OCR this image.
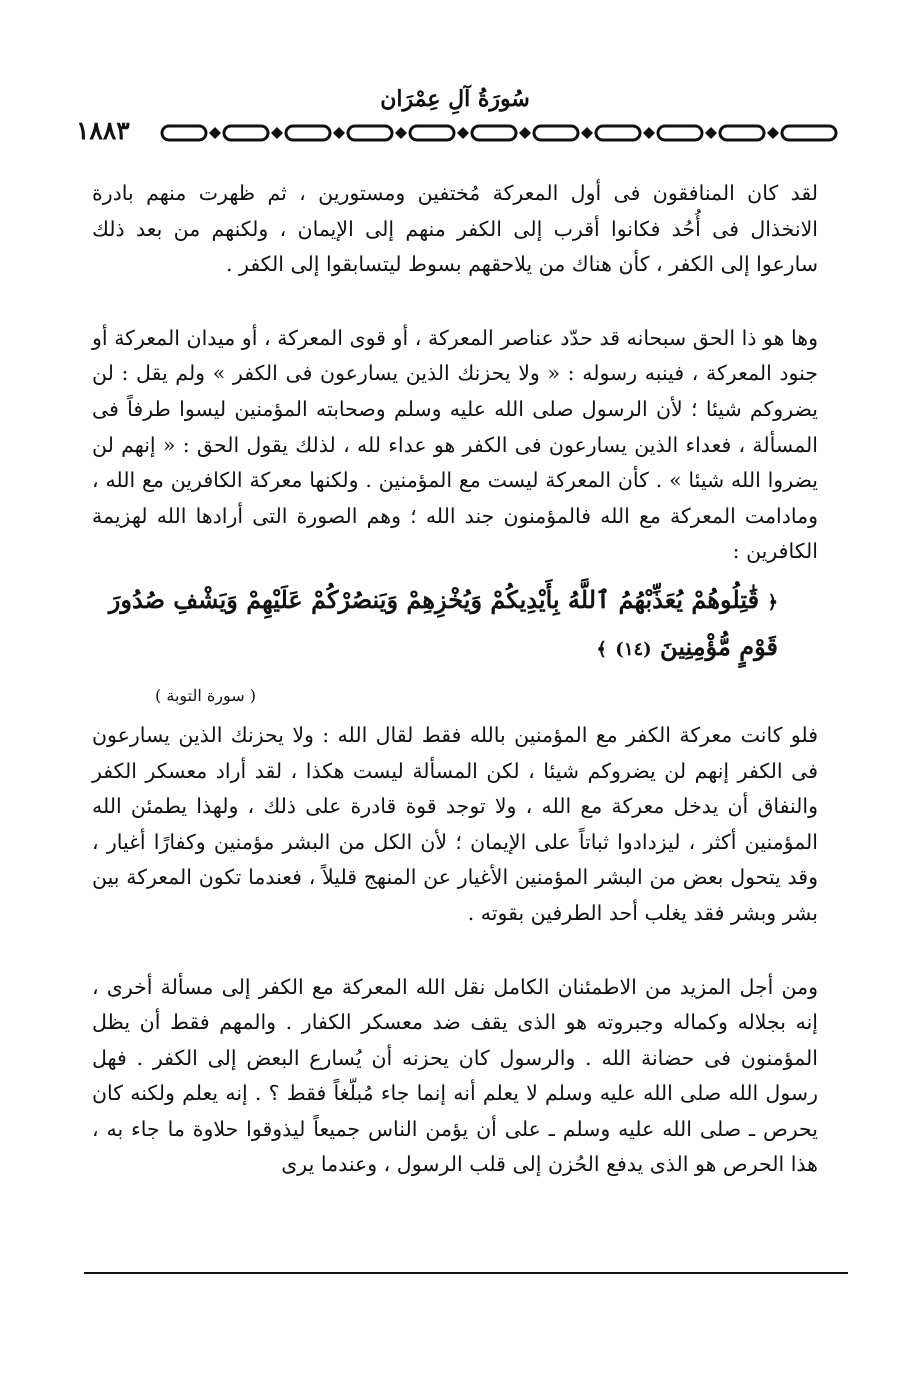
سُورَةُ آلِ عِمْرَان
١٨٨٣

لقد كان المنافقون فى أول المعركة مُختفين ومستورين ، ثم ظهرت منهم بادرة الانخذال فى أُحُد فكانوا أقرب إلى الكفر منهم إلى الإيمان ، ولكنهم من بعد ذلك سارعوا إلى الكفر ، كأن هناك من يلاحقهم بسوط ليتسابقوا إلى الكفر .

وها هو ذا الحق سبحانه قد حدّد عناصر المعركة ، أو قوى المعركة ، أو ميدان المعركة أو جنود المعركة ، فينبه رسوله : « ولا يحزنك الذين يسارعون فى الكفر » ولم يقل : لن يضروكم شيئا ؛ لأن الرسول صلى الله عليه وسلم وصحابته المؤمنين ليسوا طرفاً فى المسألة ، فعداء الذين يسارعون فى الكفر هو عداء لله ، لذلك يقول الحق : « إنهم لن يضروا الله شيئا » . كأن المعركة ليست مع المؤمنين . ولكنها معركة الكافرين مع الله ، ومادامت المعركة مع الله فالمؤمنون جند الله ؛ وهم الصورة التى أرادها الله لهزيمة الكافرين :

﴿ قَٰتِلُوهُمْ يُعَذِّبْهُمُ ٱللَّهُ بِأَيْدِيكُمْ وَيُخْزِهِمْ وَيَنصُرْكُمْ عَلَيْهِمْ وَيَشْفِ صُدُورَ قَوْمٍ مُّؤْمِنِينَ (١٤) ﴾

( سورة التوبة )

فلو كانت معركة الكفر مع المؤمنين بالله فقط لقال الله : ولا يحزنك الذين يسارعون فى الكفر إنهم لن يضروكم شيئا ، لكن المسألة ليست هكذا ، لقد أراد معسكر الكفر والنفاق أن يدخل معركة مع الله ، ولا توجد قوة قادرة على ذلك ، ولهذا يطمئن الله المؤمنين أكثر ، ليزدادوا ثباتاً على الإيمان ؛ لأن الكل من البشر مؤمنين وكفارًا أغيار ، وقد يتحول بعض من البشر المؤمنين الأغيار عن المنهج قليلاً ، فعندما تكون المعركة بين بشر وبشر فقد يغلب أحد الطرفين بقوته .

ومن أجل المزيد من الاطمئنان الكامل نقل الله المعركة مع الكفر إلى مسألة أخرى ، إنه بجلاله وكماله وجبروته هو الذى يقف ضد معسكر الكفار . والمهم فقط أن يظل المؤمنون فى حضانة الله . والرسول كان يحزنه أن يُسارع البعض إلى الكفر . فهل رسول الله صلى الله عليه وسلم لا يعلم أنه إنما جاء مُبلّغاً فقط ؟ . إنه يعلم ولكنه كان يحرص ـ صلى الله عليه وسلم ـ على أن يؤمن الناس جميعاً ليذوقوا حلاوة ما جاء به ، هذا الحرص هو الذى يدفع الحُزن إلى قلب الرسول ، وعندما يرى
